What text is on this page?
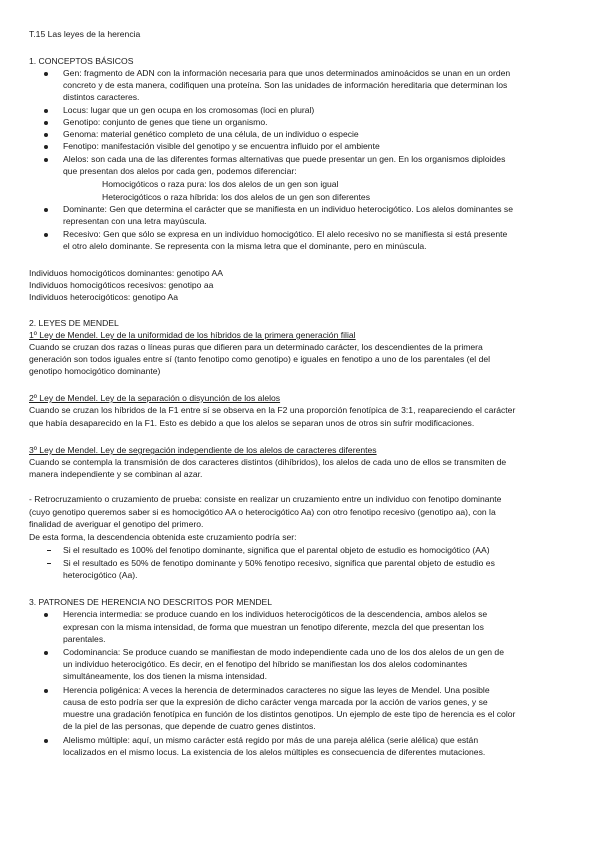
T.15 Las leyes de la herencia
1. CONCEPTOS BÁSICOS
Gen: fragmento de ADN con la información necesaria para que unos determinados aminoácidos se unan en un orden
concreto y de esta manera, codifiquen una proteína. Son las unidades de información hereditaria que determinan los
distintos caracteres.
Locus: lugar que un gen ocupa en los cromosomas (loci en plural)
Genotipo: conjunto de genes que tiene un organismo.
Genoma: material genético completo de una célula, de un individuo o especie
Fenotipo: manifestación visible del genotipo y se encuentra influido por el ambiente
Alelos: son cada una de las diferentes formas alternativas que puede presentar un gen. En los organismos diploides
que presentan dos alelos por cada gen, podemos diferenciar:
Homocigóticos o raza pura: los dos alelos de un gen son igual
Heterocigóticos o raza híbrida: los dos alelos de un gen son diferentes
Dominante: Gen que determina el carácter que se manifiesta en un individuo heterocigótico. Los alelos dominantes se
representan con una letra mayúscula.
Recesivo: Gen que sólo se expresa en un individuo homocigótico. El alelo recesivo no se manifiesta si está presente
el otro alelo dominante. Se representa con la misma letra que el dominante, pero en minúscula.
Individuos homocigóticos dominantes: genotipo AA
Individuos homocigóticos recesivos: genotipo aa
Individuos heterocigóticos: genotipo Aa
2. LEYES DE MENDEL
1º Ley de Mendel. Ley de la uniformidad de los híbridos de la primera generación filial
Cuando se cruzan dos razas o líneas puras que difieren para un determinado carácter, los descendientes de la primera
generación son todos iguales entre sí (tanto fenotipo como genotipo) e iguales en fenotipo a uno de los parentales (el del
genotipo homocigótico dominante)
2º Ley de Mendel. Ley de la separación o disyunción de los alelos
Cuando se cruzan los híbridos de la F1 entre sí se observa en la F2 una proporción fenotípica de 3:1, reapareciendo el carácter
que había desaparecido en la F1. Esto es debido a que los alelos se separan unos de otros sin sufrir modificaciones.
3º Ley de Mendel. Ley de segregación independiente de los alelos de caracteres diferentes
Cuando se contempla la transmisión de dos caracteres distintos (dihíbridos), los alelos de cada uno de ellos se transmiten de
manera independiente y se combinan al azar.
- Retrocruzamiento o cruzamiento de prueba: consiste en realizar un cruzamiento entre un individuo con fenotipo dominante
(cuyo genotipo queremos saber si es homocigótico AA o heterocigótico Aa) con otro fenotipo recesivo (genotipo aa), con la
finalidad de averiguar el genotipo del primero.
De esta forma, la descendencia obtenida este cruzamiento podría ser:
Si el resultado es 100% del fenotipo dominante, significa que el parental objeto de estudio es homocigótico (AA)
Si el resultado es 50% de fenotipo dominante y 50% fenotipo recesivo, significa que parental objeto de estudio es
heterocigótico (Aa).
3. PATRONES DE HERENCIA NO DESCRITOS POR MENDEL
Herencia intermedia: se produce cuando en los individuos heterocigóticos de la descendencia, ambos alelos se
expresan con la misma intensidad, de forma que muestran un fenotipo diferente, mezcla del que presentan los
parentales.
Codominancia: Se produce cuando se manifiestan de modo independiente cada uno de los dos alelos de un gen de
un individuo heterocigótico. Es decir, en el fenotipo del híbrido se manifiestan los dos alelos codominantes
simultáneamente, los dos tienen la misma intensidad.
Herencia poligénica: A veces la herencia de determinados caracteres no sigue las leyes de Mendel. Una posible
causa de esto podría ser que la expresión de dicho carácter venga marcada por la acción de varios genes, y se
muestre una gradación fenotípica en función de los distintos genotipos. Un ejemplo de este tipo de herencia es el color
de la piel de las personas, que depende de cuatro genes distintos.
Alelismo múltiple: aquí, un mismo carácter está regido por más de una pareja alélica (serie alélica) que están
localizados en el mismo locus. La existencia de los alelos múltiples es consecuencia de diferentes mutaciones.
